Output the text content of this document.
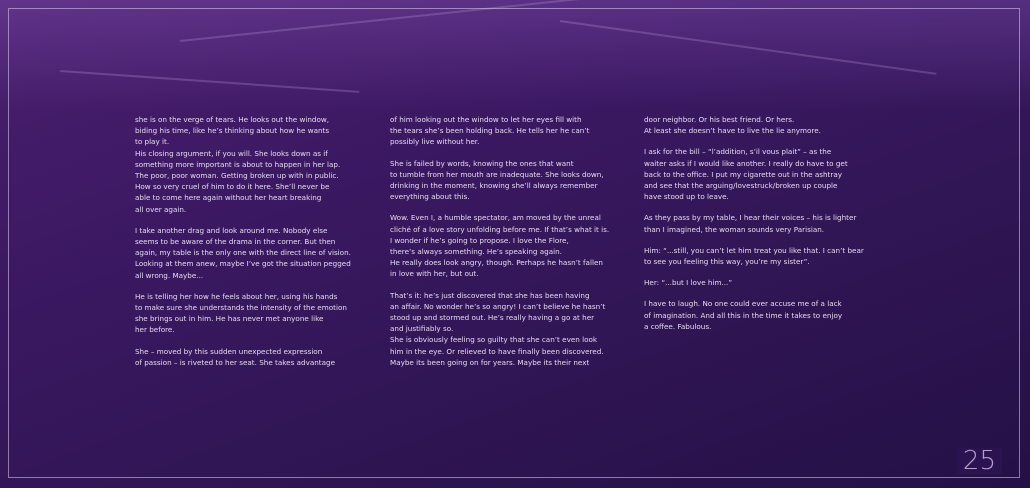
she is on the verge of tears. He looks out the window,
biding his time, like he’s thinking about how he wants
to play it.
His closing argument, if you will. She looks down as if
something more important is about to happen in her lap.
The poor, poor woman. Getting broken up with in public.
How so very cruel of him to do it here. She’ll never be
able to come here again without her heart breaking
all over again.

I take another drag and look around me. Nobody else
seems to be aware of the drama in the corner. But then
again, my table is the only one with the direct line of vision.
Looking at them anew, maybe I’ve got the situation pegged
all wrong. Maybe...

He is telling her how he feels about her, using his hands
to make sure she understands the intensity of the emotion
she brings out in him. He has never met anyone like
her before.

She – moved by this sudden unexpected expression
of passion – is riveted to her seat. She takes advantage

of him looking out the window to let her eyes fill with
the tears she’s been holding back. He tells her he can’t
possibly live without her.

She is failed by words, knowing the ones that want
to tumble from her mouth are inadequate. She looks down,
drinking in the moment, knowing she’ll always remember
everything about this.

Wow. Even I, a humble spectator, am moved by the unreal
cliché of a love story unfolding before me. If that’s what it is.
I wonder if he’s going to propose. I love the Flore,
there’s always something. He’s speaking again.
He really does look angry, though. Perhaps he hasn’t fallen
in love with her, but out.

That’s it: he’s just discovered that she has been having
an affair. No wonder he’s so angry! I can’t believe he hasn’t
stood up and stormed out. He’s really having a go at her
and justifiably so.
She is obviously feeling so guilty that she can’t even look
him in the eye. Or relieved to have finally been discovered.
Maybe its been going on for years. Maybe its their next

door neighbor. Or his best friend. Or hers.
At least she doesn’t have to live the lie anymore.

I ask for the bill – “l’addition, s’il vous plait” – as the
waiter asks if I would like another. I really do have to get
back to the office. I put my cigarette out in the ashtray
and see that the arguing/lovestruck/broken up couple
have stood up to leave.

As they pass by my table, I hear their voices – his is lighter
than I imagined, the woman sounds very Parisian.

Him: “...still, you can’t let him treat you like that. I can’t bear
to see you feeling this way, you’re my sister”.

Her: “...but I love him...”

I have to laugh. No one could ever accuse me of a lack
of imagination. And all this in the time it takes to enjoy
a coffee. Fabulous.

25
